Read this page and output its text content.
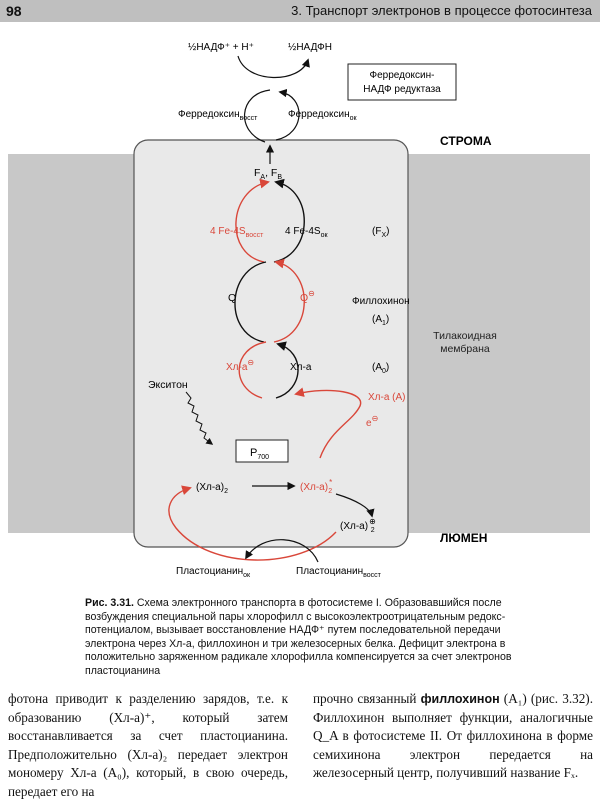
98	3. Транспорт электронов в процессе фотосинтеза
СТРОМА
ЛЮМЕН
Тилакоидная
мембрана
Ферредоксин-
НАДФ редуктаза
½НАДФ⁺ + H⁺	½НАДФН
Ферредоксин$_{восст}$	Ферредоксин$_{ок}$
$F_A$, $F_B$
4 $Fe-4S_{восст}$ 4 $Fe-4S_{ок}$	$(F_X)$
Q	Q⊖
Филлохинон
$(A_1)$
Хл-a⊖	Хл-a	$(A_0)$
Хл-a (A)
e⊖
Экситон
$P_{700}$
$(Хл-a)_2$	(Хл-a)* 2
(Хл-a)⊕ 2
Пластоцианин$_{ок}$	Пластоцианин$_{восст}$
Рис. 3.31. Схема электронного транспорта в фотосистеме I. Образовавшийся после возбуждения специальной пары хлорофилл с высокоэлектроотрицательным редокс-потенциалом, вызывает восстановление НАДФ⁺ путем последовательной передачи электрона через Хл-a, филлохинон и три железосерных белка. Дефицит электрона в положительно заряженном радикале хлорофилла компенсируется за счет электронов пластоцианина
фотона приводит к разделению зарядов, т.е. к образованию (Хл-a)⁺, который затем восстанавливается за счет пластоцианина. Предположительно (Хл-a)₂ передает электрон мономеру Хл-a (A₀), который, в свою очередь, передает его на
прочно связанный филлохинон (A₁) (рис. 3.32). Филлохинон выполняет функции, аналогичные Q_A в фотосистеме II. От филлохинона в форме семихинона электрон передается на железосерный центр, получивший название Fₓ.
